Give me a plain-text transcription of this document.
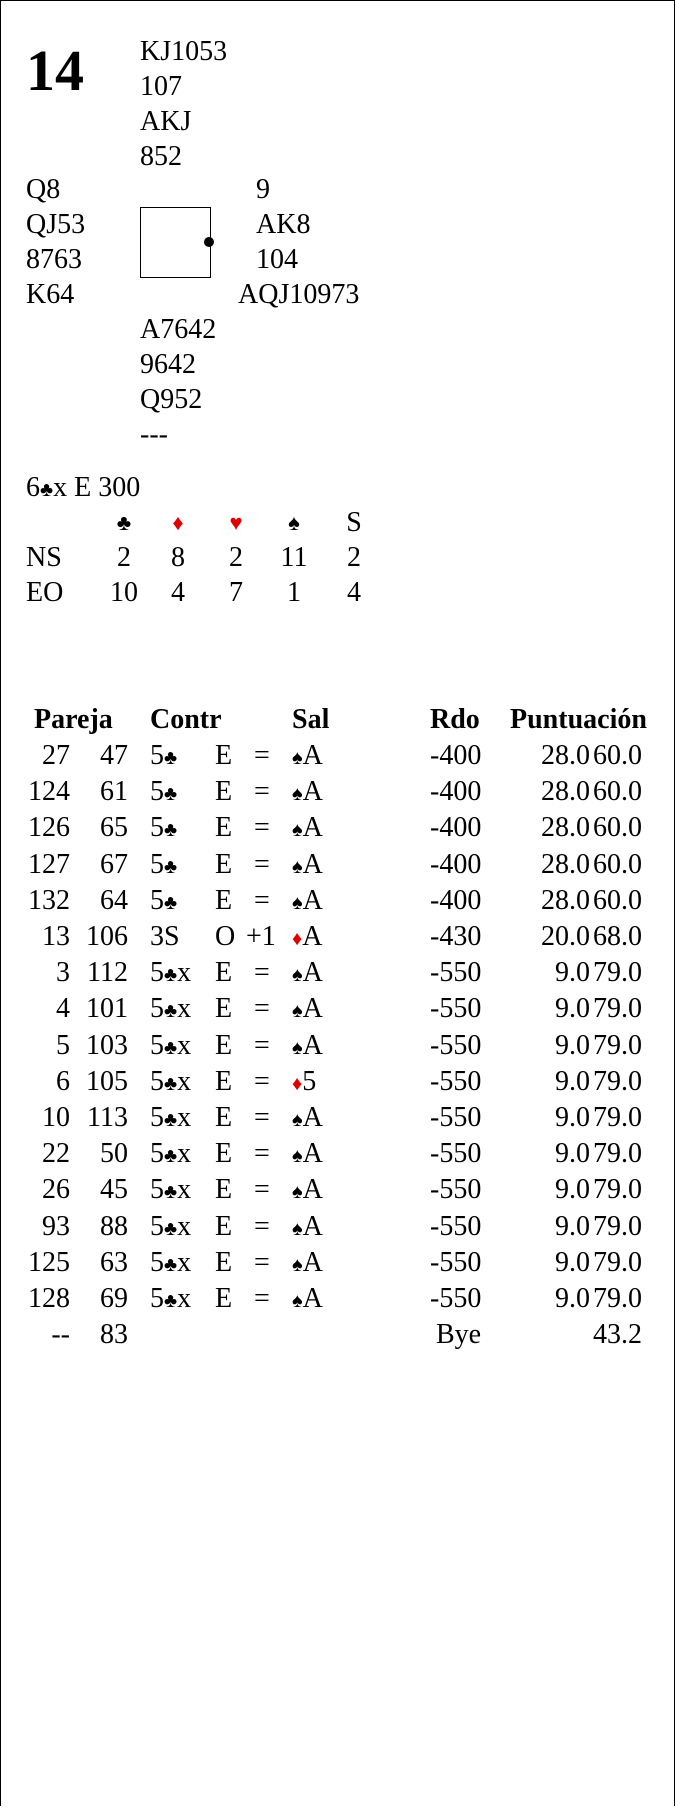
14 KJ1053
107
AKJ
852
Q8
QJ53
8763
K64
9
AK8
104
AQJ10973
A7642
9642
Q952
---
6♣x E 300
♣	♦	♥	♠	S
NS	2	8	2	11	2
EO	10	4	7	1	4
Pareja Contr	Sal	Rdo Puntuación
27	47 5♣ E = ♠A	-400	28.0 60.0
124	61 5♣ E = ♠A	-400	28.0 60.0
126	65 5♣ E = ♠A	-400	28.0 60.0
127	67 5♣ E = ♠A	-400	28.0 60.0
132	64 5♣ E = ♠A	-400	28.0 60.0
13 106 3S O +1 ♦A	-430	20.0 68.0
3 112 5♣x E = ♠A	-550	9.0 79.0
4 101 5♣x E = ♠A	-550	9.0 79.0
5 103 5♣x E = ♠A	-550	9.0 79.0
6 105 5♣x E = ♦5	-550	9.0 79.0
10 113 5♣x E = ♠A	-550	9.0 79.0
22	50 5♣x E = ♠A	-550	9.0 79.0
26	45 5♣x E = ♠A	-550	9.0 79.0
93	88 5♣x E = ♠A	-550	9.0 79.0
125	63 5♣x E = ♠A	-550	9.0 79.0
128	69 5♣x E = ♠A	-550	9.0 79.0
--	83	Bye	43.2
